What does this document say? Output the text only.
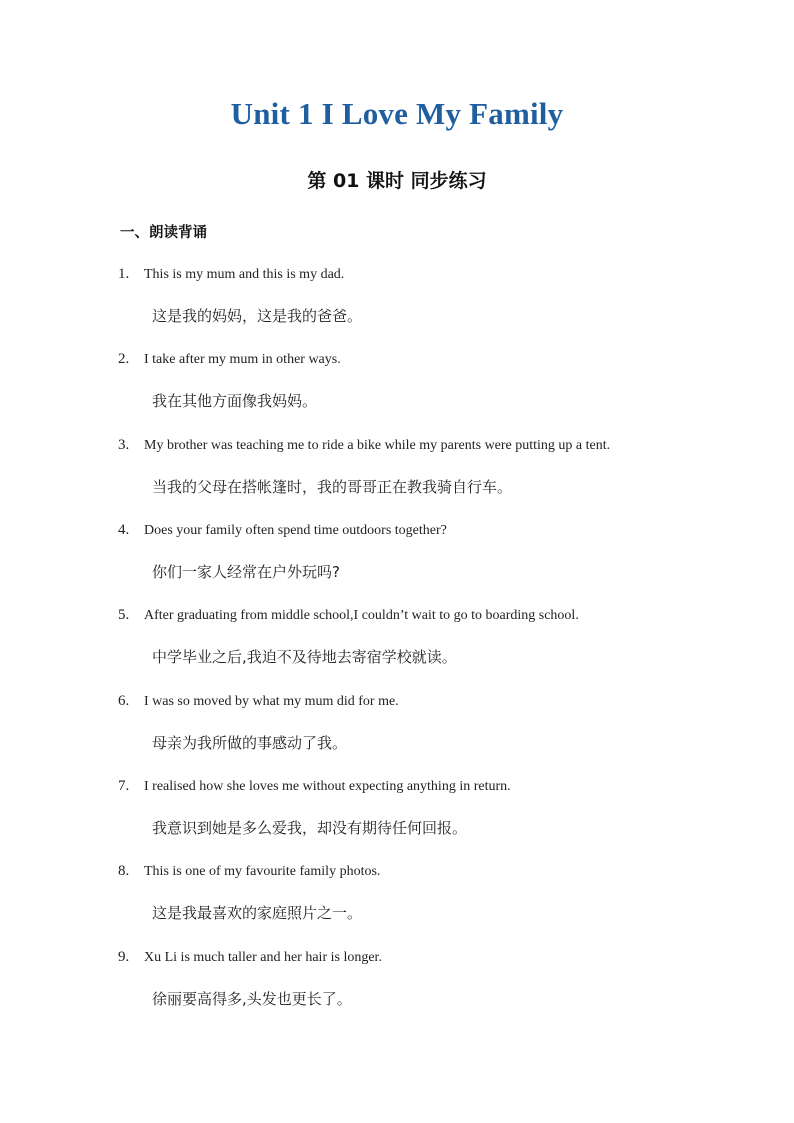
Unit 1 I Love My Family
第 01 课时 同步练习
一、朗读背诵
1. This is my mum and this is my dad.
这是我的妈妈，这是我的爸爸。
2. I take after my mum in other ways.
我在其他方面像我妈妈。
3. My brother was teaching me to ride a bike while my parents were putting up a tent.
当我的父母在搭帐篷时，我的哥哥正在教我骑自行车。
4. Does your family often spend time outdoors together?
你们一家人经常在户外玩吗?
5. After graduating from middle school,I couldn’t wait to go to boarding school.
中学毕业之后,我迫不及待地去寄宿学校就读。
6. I was so moved by what my mum did for me.
母亲为我所做的事感动了我。
7. I realised how she loves me without expecting anything in return.
我意识到她是多么爱我，却没有期待任何回报。
8. This is one of my favourite family photos.
这是我最喜欢的家庭照片之一。
9. Xu Li is much taller and her hair is longer.
徐丽要高得多,头发也更长了。
